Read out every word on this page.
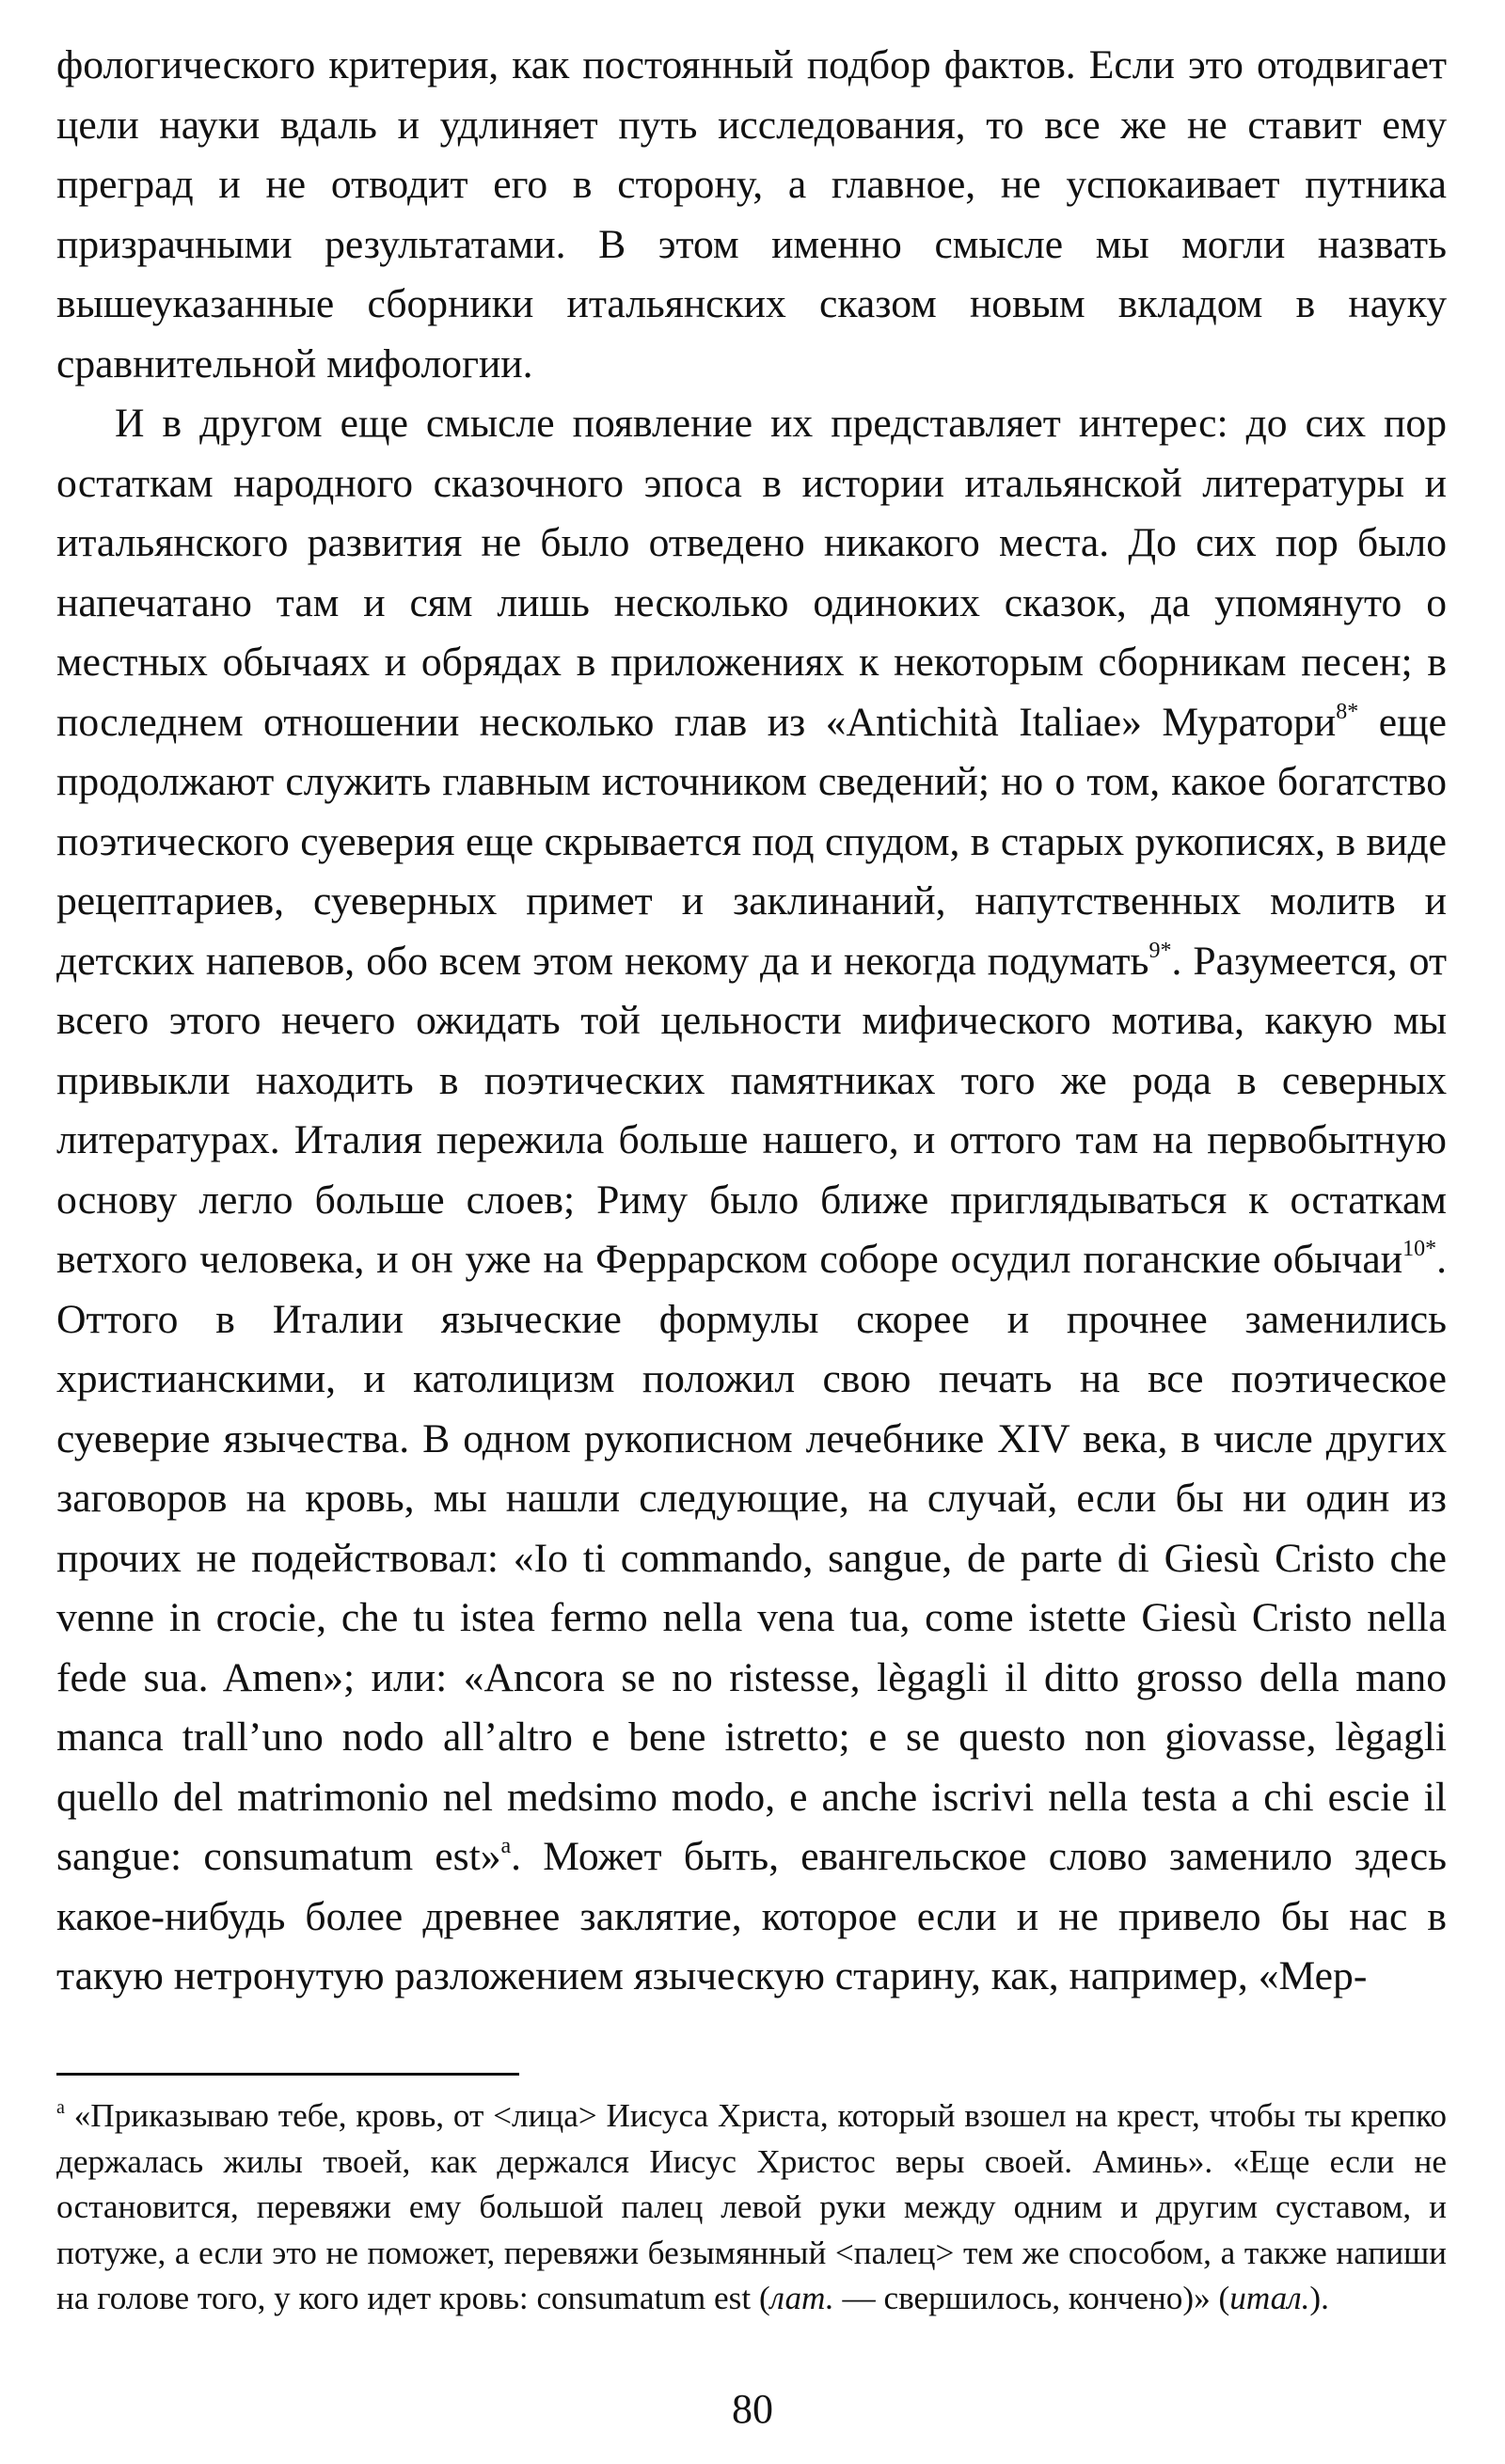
фологического критерия, как постоянный подбор фактов. Если это отодвигает цели науки вдаль и удлиняет путь исследования, то все же не ставит ему преград и не отводит его в сторону, а главное, не успокаивает путника призрачными результатами. В этом именно смысле мы могли назвать вышеуказанные сборники итальянских сказом новым вкладом в науку сравнительной мифологии.

И в другом еще смысле появление их представляет интерес: до сих пор остаткам народного сказочного эпоса в истории итальянской литературы и итальянского развития не было отведено никакого места. До сих пор было напечатано там и сям лишь несколько одиноких сказок, да упомянуто о местных обычаях и обрядах в приложениях к некоторым сборникам песен; в последнем отношении несколько глав из «Antichità Italiae» Муратори$^{8*}$ еще продолжают служить главным источником сведений; но о том, какое богатство поэтического суеверия еще скрывается под спудом, в старых рукописях, в виде рецептариев, суеверных примет и заклинаний, напутственных молитв и детских напевов, обо всем этом некому да и некогда подумать$^{9*}$. Разумеется, от всего этого нечего ожидать той цельности мифического мотива, какую мы привыкли находить в поэтических памятниках того же рода в северных литературах. Италия пережила больше нашего, и оттого там на первобытную основу легло больше слоев; Риму было ближе приглядываться к остаткам ветхого человека, и он уже на Феррарском соборе осудил поганские обычаи$^{10*}$. Оттого в Италии языческие формулы скорее и прочнее заменились христианскими, и католицизм положил свою печать на все поэтическое суеверие язычества. В одном рукописном лечебнике XIV века, в числе других заговоров на кровь, мы нашли следующие, на случай, если бы ни один из прочих не подействовал: «Io ti commando, sangue, de parte di Giesù Cristo che venne in crocie, che tu istea fermo nella vena tua, come istette Giesù Cristo nella fede sua. Amen»; или: «Ancora se no ristesse, lègagli il ditto grosso della mano manca trall’uno nodo all’altro e bene istretto; e se questo non giovasse, lègagli quello del matrimonio nel medsimo modo, e anche iscrivi nella testa a chi escie il sangue: consumatum est»$^a$. Может быть, евангельское слово заменило здесь какое-нибудь более древнее заклятие, которое если и не привело бы нас в такую нетронутую разложением языческую старину, как, например, «Мер-

$^a$ «Приказываю тебе, кровь, от <лица> Иисуса Христа, который взошел на крест, чтобы ты крепко держалась жилы твоей, как держался Иисус Христос веры своей. Аминь». «Еще если не остановится, перевяжи ему большой палец левой руки между одним и другим суставом, и потуже, а если это не поможет, перевяжи безымянный <палец> тем же способом, а также напиши на голове того, у кого идет кровь: consumatum est (лат. — свершилось, кончено)» (итал.).

80
